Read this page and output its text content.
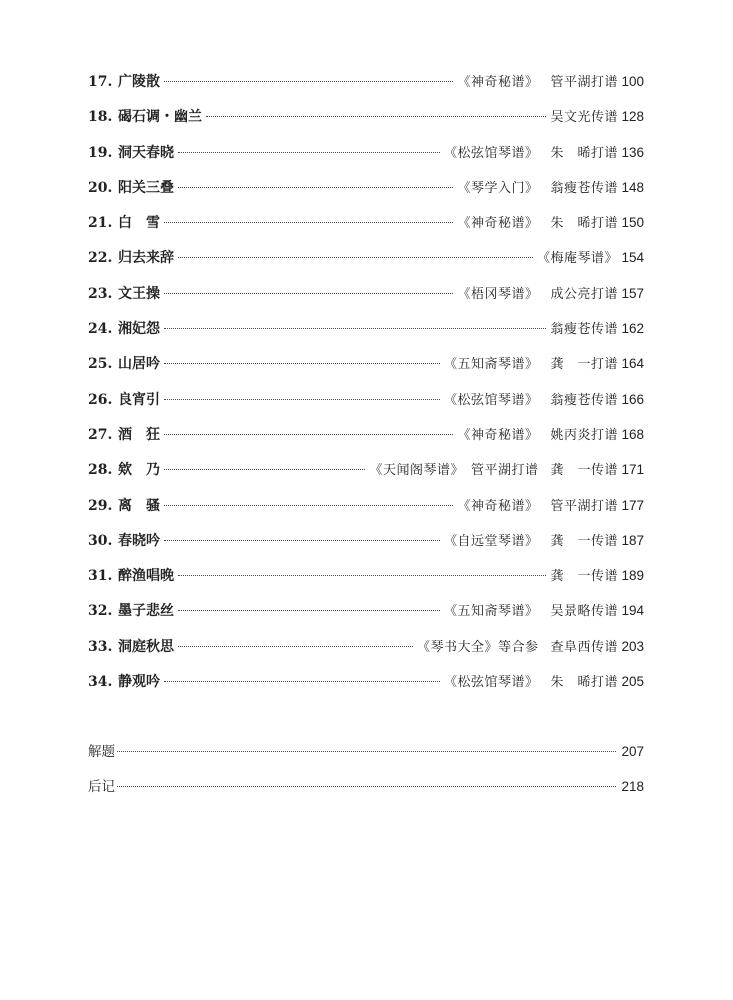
17. 广陵散	《神奇秘谱》 管平湖打谱 100
18. 碣石调・幽兰	吴文光传谱 128
19. 洞天春晓	《松弦馆琴谱》 朱　晞打谱 136
20. 阳关三叠	《琴学入门》 翁瘦苍传谱 148
21. 白　雪	《神奇秘谱》 朱　晞打谱 150
22. 归去来辞	《梅庵琴谱》 154
23. 文王操	《梧冈琴谱》 成公亮打谱 157
24. 湘妃怨	翁瘦苍传谱 162
25. 山居吟	《五知斋琴谱》 龚　一打谱 164
26. 良宵引	《松弦馆琴谱》 翁瘦苍传谱 166
27. 酒　狂	《神奇秘谱》 姚丙炎打谱 168
28. 欸　乃	《天闻阁琴谱》　管平湖打谱 龚　一传谱 171
29. 离　骚	《神奇秘谱》 管平湖打谱 177
30. 春晓吟	《自远堂琴谱》 龚　一传谱 187
31. 醉渔唱晚	龚　一传谱 189
32. 墨子悲丝	《五知斋琴谱》 吴景略传谱 194
33. 洞庭秋思	《琴书大全》等合参 查阜西传谱 203
34. 静观吟	《松弦馆琴谱》 朱　晞打谱 205
解题	207
后记	218
